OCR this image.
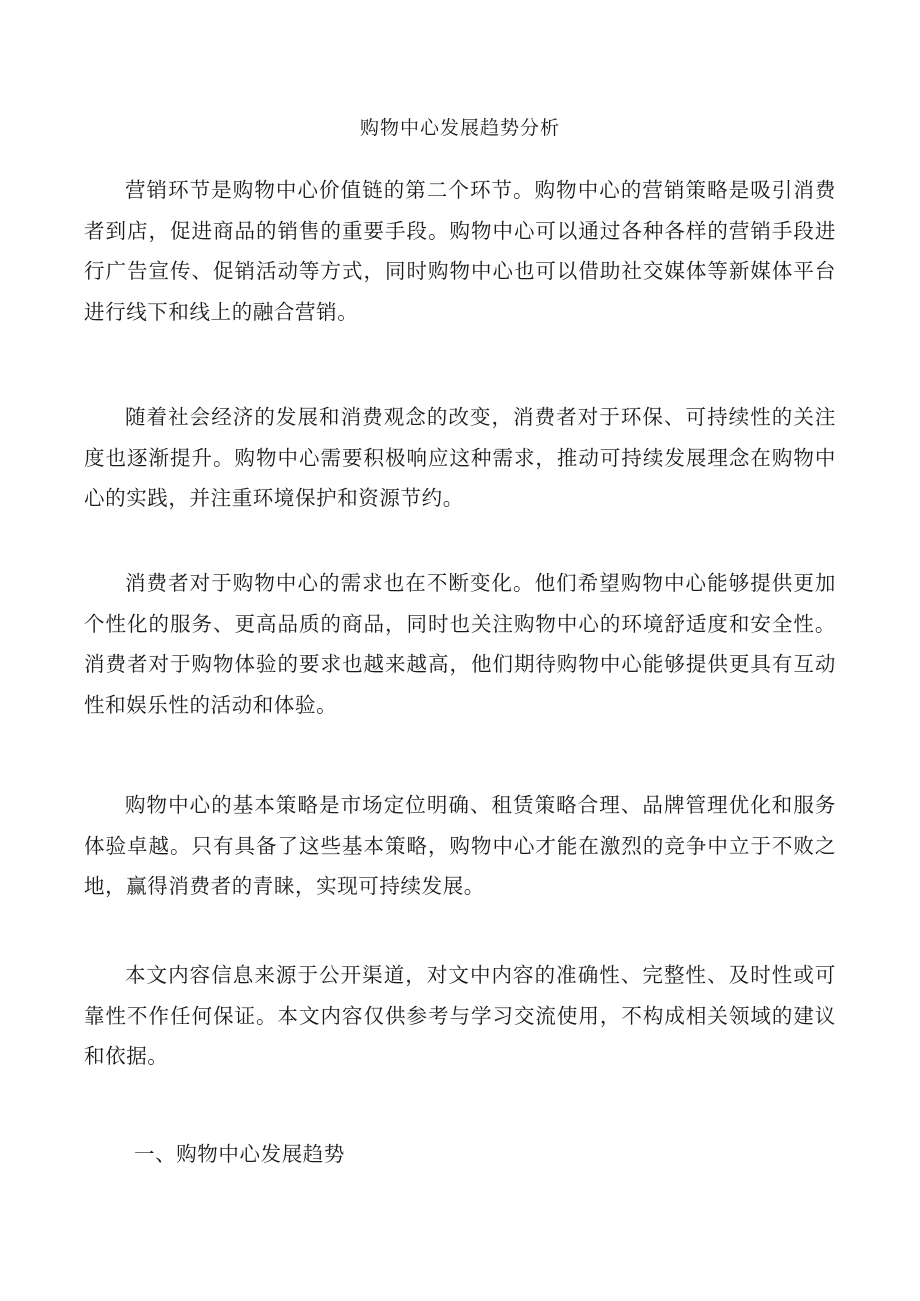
购物中心发展趋势分析

营销环节是购物中心价值链的第二个环节。购物中心的营销策略是吸引消费者到店，促进商品的销售的重要手段。购物中心可以通过各种各样的营销手段进行广告宣传、促销活动等方式，同时购物中心也可以借助社交媒体等新媒体平台进行线下和线上的融合营销。

随着社会经济的发展和消费观念的改变，消费者对于环保、可持续性的关注度也逐渐提升。购物中心需要积极响应这种需求，推动可持续发展理念在购物中心的实践，并注重环境保护和资源节约。

消费者对于购物中心的需求也在不断变化。他们希望购物中心能够提供更加个性化的服务、更高品质的商品，同时也关注购物中心的环境舒适度和安全性。消费者对于购物体验的要求也越来越高，他们期待购物中心能够提供更具有互动性和娱乐性的活动和体验。

购物中心的基本策略是市场定位明确、租赁策略合理、品牌管理优化和服务体验卓越。只有具备了这些基本策略，购物中心才能在激烈的竞争中立于不败之地，赢得消费者的青睐，实现可持续发展。

本文内容信息来源于公开渠道，对文中内容的准确性、完整性、及时性或可靠性不作任何保证。本文内容仅供参考与学习交流使用，不构成相关领域的建议和依据。

一、购物中心发展趋势
